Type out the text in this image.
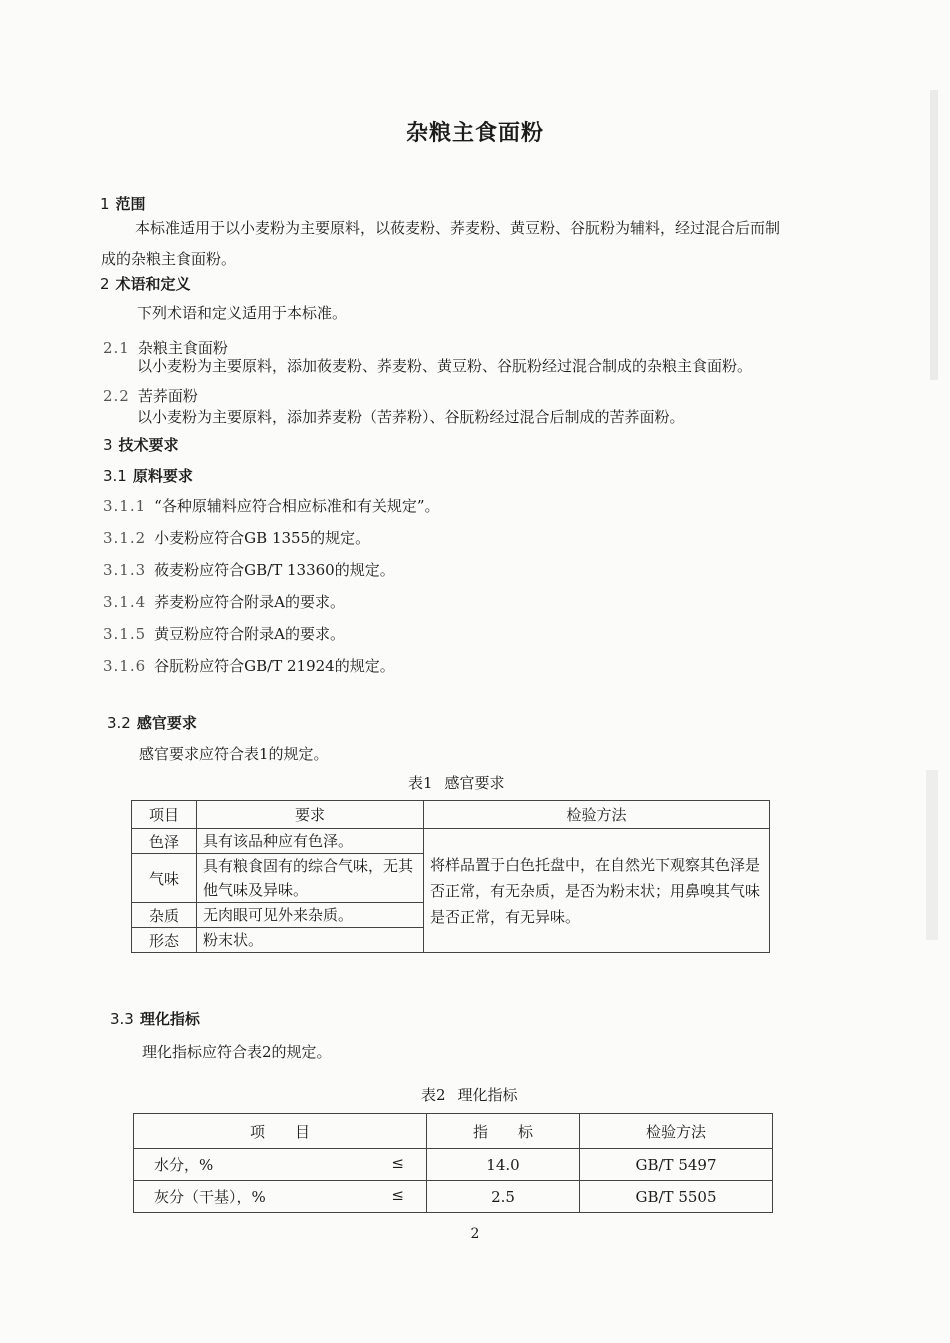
杂粮主食面粉
1 范围
本标准适用于以小麦粉为主要原料，以莜麦粉、荞麦粉、黄豆粉、谷朊粉为辅料，经过混合后而制
成的杂粮主食面粉。
2 术语和定义
下列术语和定义适用于本标准。
2.1 杂粮主食面粉
以小麦粉为主要原料，添加莜麦粉、荞麦粉、黄豆粉、谷朊粉经过混合制成的杂粮主食面粉。
2.2 苦荞面粉
以小麦粉为主要原料，添加荞麦粉（苦荞粉）、谷朊粉经过混合后制成的苦荞面粉。
3 技术要求
3.1 原料要求
3.1.1 “各种原辅料应符合相应标准和有关规定”。
3.1.2 小麦粉应符合GB 1355的规定。
3.1.3 莜麦粉应符合GB/T 13360的规定。
3.1.4 荞麦粉应符合附录A的要求。
3.1.5 黄豆粉应符合附录A的要求。
3.1.6 谷朊粉应符合GB/T 21924的规定。
3.2 感官要求
感官要求应符合表1的规定。
表1 感官要求
项目	要求	检验方法
色泽	具有该品种应有色泽。	将样品置于白色托盘中，在自然光下观察其色泽是否正常，有无杂质，是否为粉末状；用鼻嗅其气味是否正常，有无异味。
气味	具有粮食固有的综合气味，无其他气味及异味。	
杂质	无肉眼可见外来杂质。	
形态	粉末状。	
3.3 理化指标
理化指标应符合表2的规定。
表2 理化指标
项　　目	指　　标	检验方法

水分，% ≤	14.0	GB/T 5497

灰分（干基），% ≤	2.5	GB/T 5505
2
